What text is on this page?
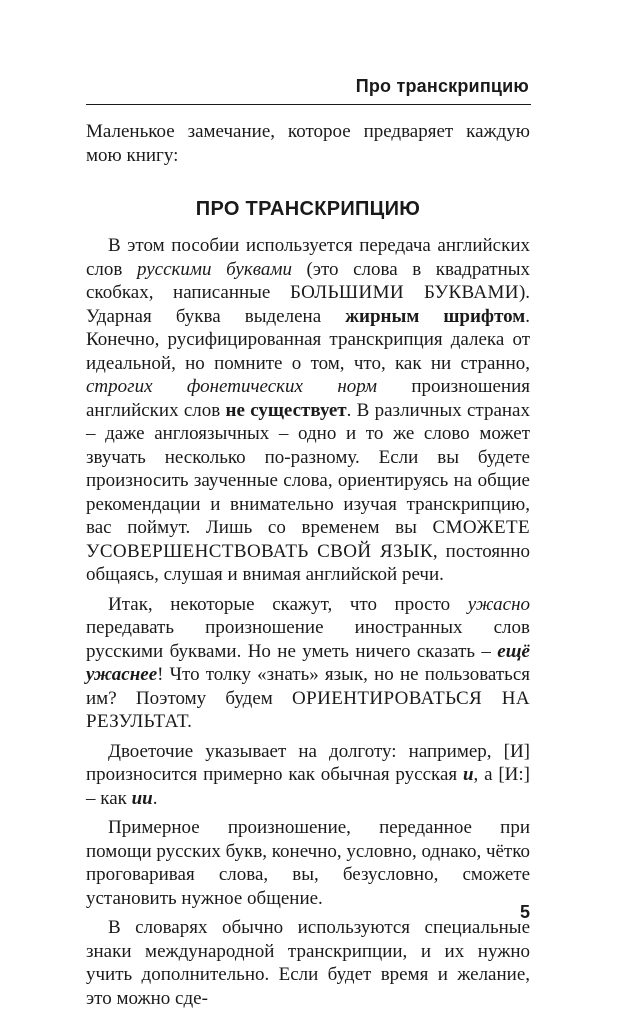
Про транскрипцию

Маленькое замечание, которое предваряет каждую мою книгу:

ПРО ТРАНСКРИПЦИЮ

В этом пособии используется передача английских слов русскими буквами (это слова в квадратных скобках, написанные БОЛЬШИМИ БУКВАМИ). Ударная буква выделена жирным шрифтом. Конечно, русифицированная транскрипция далека от идеальной, но помните о том, что, как ни странно, строгих фонетических норм произношения английских слов не существует. В различных странах – даже англоязычных – одно и то же слово может звучать несколько по-разному. Если вы будете произносить заученные слова, ориентируясь на общие рекомендации и внимательно изучая транскрипцию, вас поймут. Лишь со временем вы СМОЖЕТЕ УСОВЕРШЕНСТВОВАТЬ СВОЙ ЯЗЫК, постоянно общаясь, слушая и внимая английской речи.

Итак, некоторые скажут, что просто ужасно передавать произношение иностранных слов русскими буквами. Но не уметь ничего сказать – ещё ужаснее! Что толку «знать» язык, но не пользоваться им? Поэтому будем ОРИЕНТИРОВАТЬСЯ НА РЕЗУЛЬТАТ.

Двоеточие указывает на долготу: например, [И] произносится примерно как обычная русская и, а [И:] – как ии.

Примерное произношение, переданное при помощи русских букв, конечно, условно, однако, чётко проговаривая слова, вы, безусловно, сможете установить нужное общение.

В словарях обычно используются специальные знаки международной транскрипции, и их нужно учить дополнительно. Если будет время и желание, это можно сде-

5
